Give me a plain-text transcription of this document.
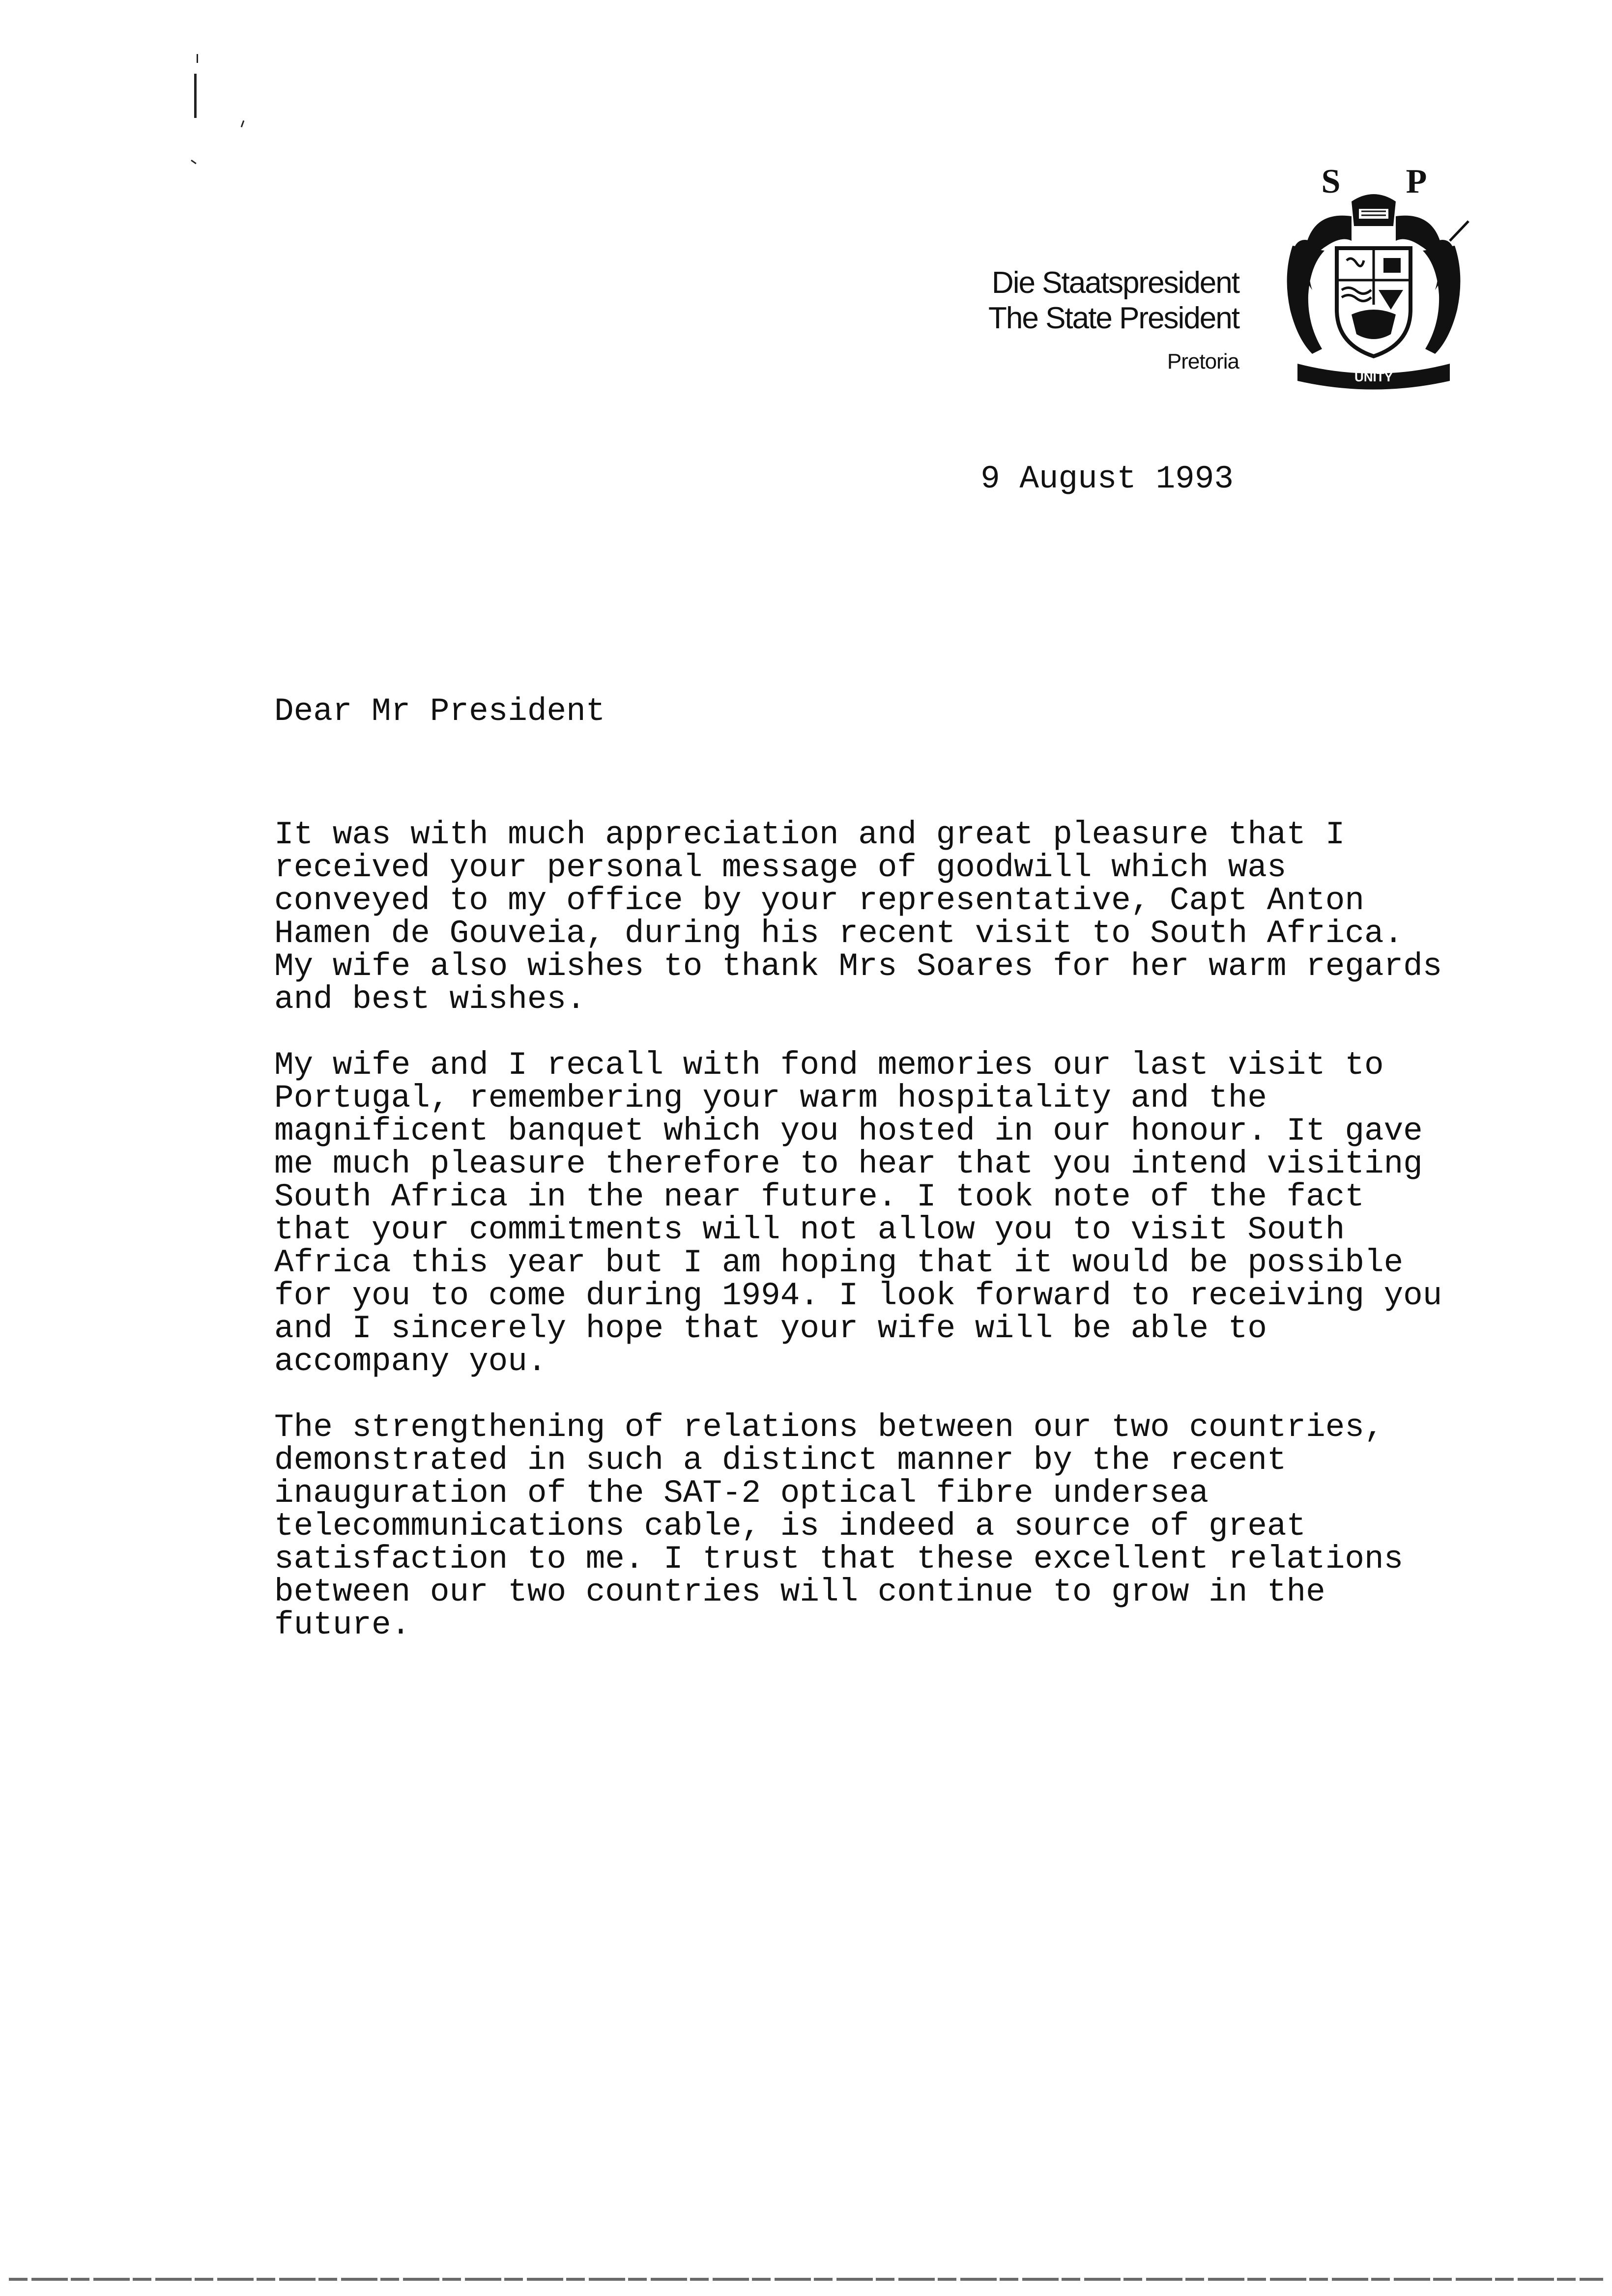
Die Staatspresident
The State President
Pretoria
S P
UNITY
9 August 1993
Dear Mr President
It was with much appreciation and great pleasure that I
received your personal message of goodwill which was
conveyed to my office by your representative, Capt Anton
Hamen de Gouveia, during his recent visit to South Africa.
My wife also wishes to thank Mrs Soares for her warm regards
and best wishes.
My wife and I recall with fond memories our last visit to
Portugal, remembering your warm hospitality and the
magnificent banquet which you hosted in our honour. It gave
me much pleasure therefore to hear that you intend visiting
South Africa in the near future. I took note of the fact
that your commitments will not allow you to visit South
Africa this year but I am hoping that it would be possible
for you to come during 1994. I look forward to receiving you
and I sincerely hope that your wife will be able to
accompany you.
The strengthening of relations between our two countries,
demonstrated in such a distinct manner by the recent
inauguration of the SAT-2 optical fibre undersea
telecommunications cable, is indeed a source of great
satisfaction to me. I trust that these excellent relations
between our two countries will continue to grow in the
future.
